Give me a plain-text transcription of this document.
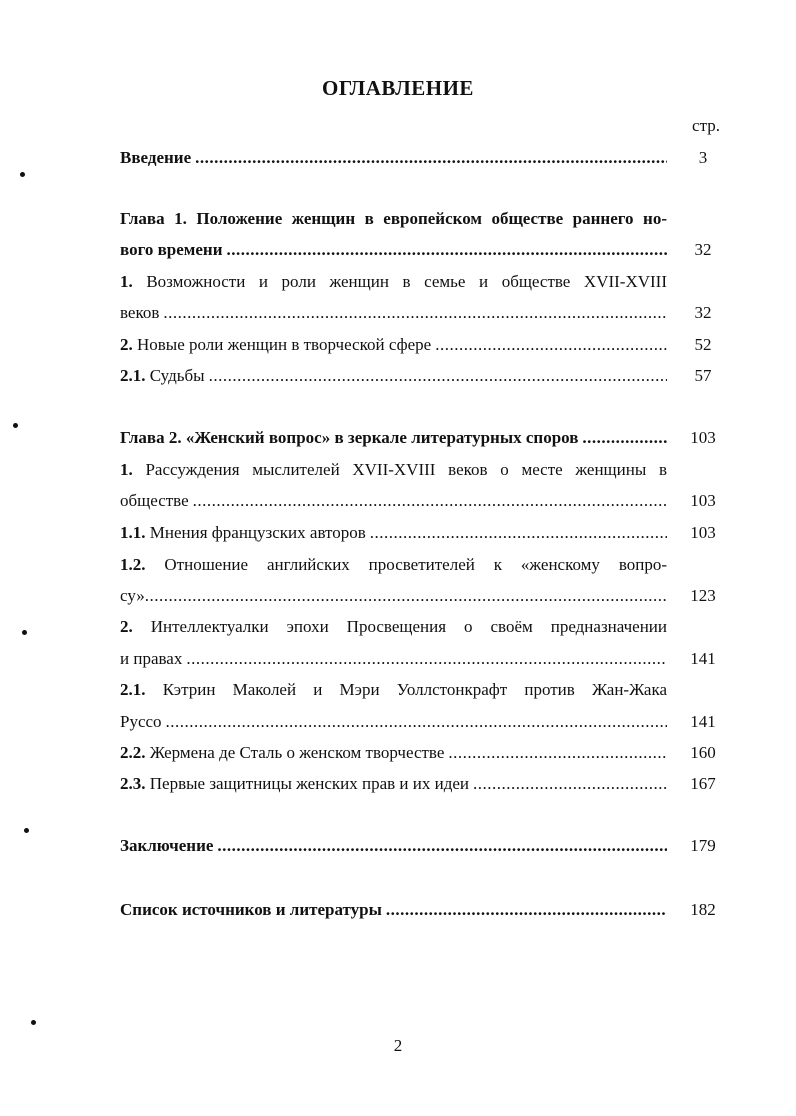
ОГЛАВЛЕНИЕ
стр.
Введение .....	3
Глава 1. Положение женщин в европейском обществе раннего но-
вого времени .....	32
1. Возможности и роли женщин в семье и обществе XVII-XVIII
веков .....	32
2. Новые роли женщин в творческой сфере .....	52
2.1. Судьбы .....	57
Глава 2. «Женский вопрос» в зеркале литературных споров .....	103
1. Рассуждения мыслителей XVII-XVIII веков о месте женщины в
обществе .....	103
1.1. Мнения французских авторов .....	103
1.2. Отношение английских просветителей к «женскому вопро-
су» .....	123
2. Интеллектуалки эпохи Просвещения о своём предназначении
и правах .....	141
2.1. Кэтрин Маколей и Мэри Уоллстонкрафт против Жан-Жака
Руссо .....	141
2.2. Жермена де Сталь о женском творчестве .....	160
2.3. Первые защитницы женских прав и их идеи .....	167
Заключение .....	179
Список источников и литературы .....	182
2
